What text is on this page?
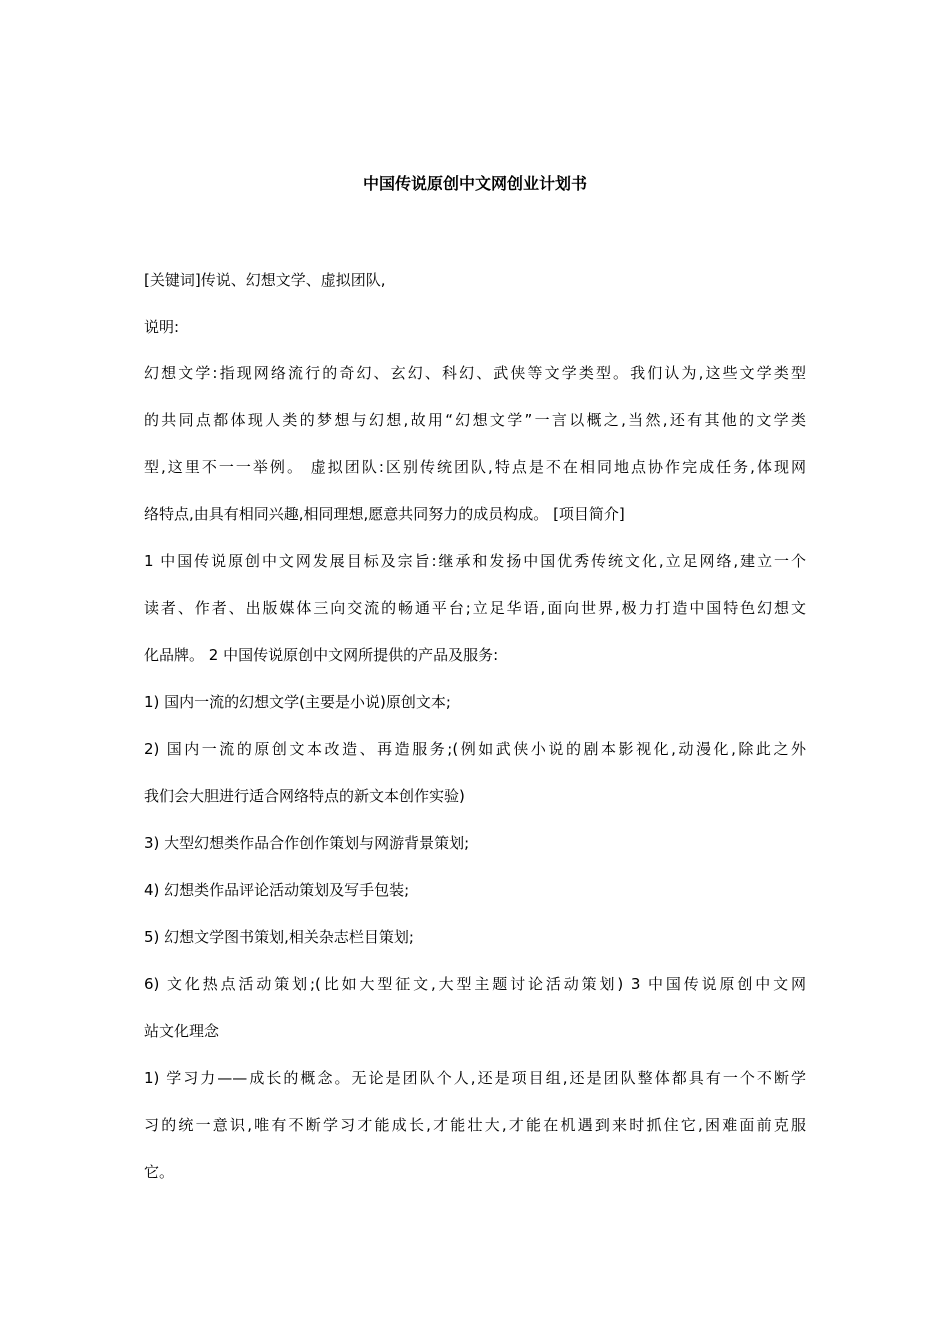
中国传说原创中文网创业计划书
[关键词]传说、幻想文学、虚拟团队,
说明:
幻想文学:指现网络流行的奇幻、玄幻、科幻、武侠等文学类型。我们认为,这些文学类型
的共同点都体现人类的梦想与幻想,故用“幻想文学”一言以概之,当然,还有其他的文学类
型,这里不一一举例。 虚拟团队:区别传统团队,特点是不在相同地点协作完成任务,体现网
络特点,由具有相同兴趣,相同理想,愿意共同努力的成员构成。 [项目简介]
1 中国传说原创中文网发展目标及宗旨:继承和发扬中国优秀传统文化,立足网络,建立一个
读者、作者、出版媒体三向交流的畅通平台;立足华语,面向世界,极力打造中国特色幻想文
化品牌。 2 中国传说原创中文网所提供的产品及服务:
1) 国内一流的幻想文学(主要是小说)原创文本;
2) 国内一流的原创文本改造、再造服务;(例如武侠小说的剧本影视化,动漫化,除此之外
我们会大胆进行适合网络特点的新文本创作实验)
3) 大型幻想类作品合作创作策划与网游背景策划;
4) 幻想类作品评论活动策划及写手包装;
5) 幻想文学图书策划,相关杂志栏目策划;
6) 文化热点活动策划;(比如大型征文,大型主题讨论活动策划) 3 中国传说原创中文网
站文化理念
1) 学习力——成长的概念。无论是团队个人,还是项目组,还是团队整体都具有一个不断学
习的统一意识,唯有不断学习才能成长,才能壮大,才能在机遇到来时抓住它,困难面前克服
它。
